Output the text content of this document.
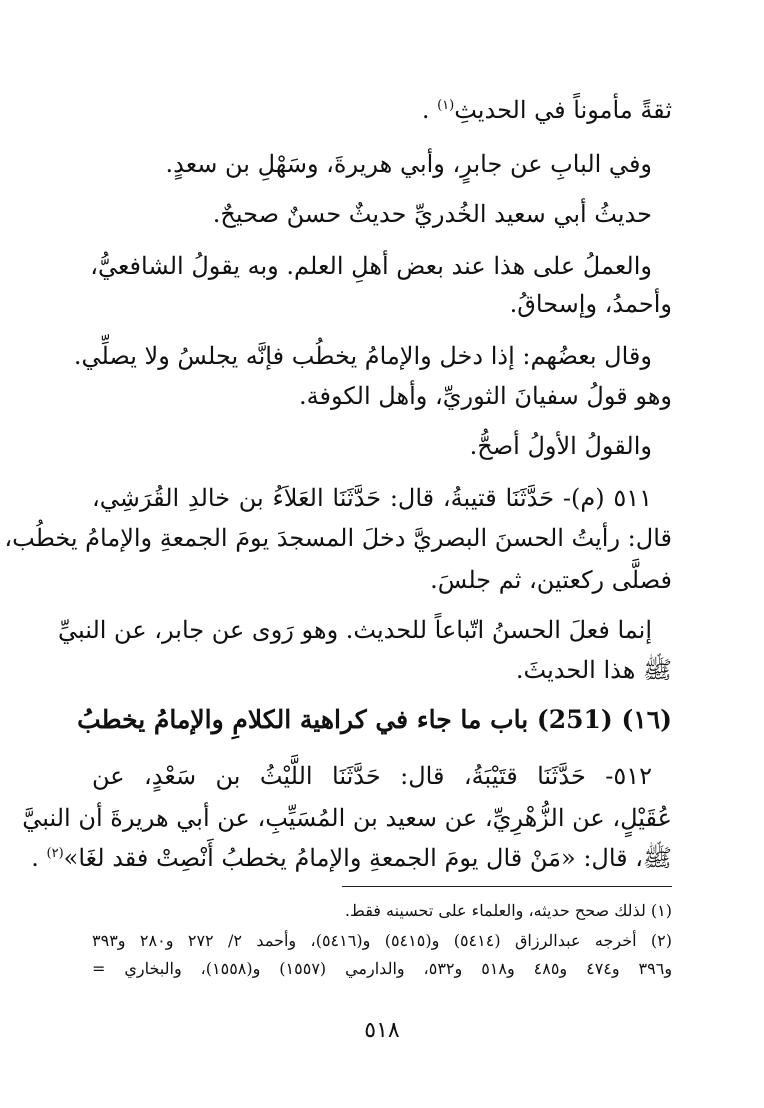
ثقةً مأموناً في الحديثِ$^{(١)}$ .
وفي البابِ عن جابرٍ، وأبي هريرةَ، وسَهْلِ بن سعدٍ.
حديثُ أبي سعيد الخُدريِّ حديثٌ حسنٌ صحيحٌ.
والعملُ على هذا عند بعض أهلِ العلم. وبه يقولُ الشافعيُّ،
وأحمدُ، وإسحاقُ.
وقال بعضُهم: إذا دخل والإمامُ يخطُب فإنَّه يجلسُ ولا يصلِّي.
وهو قولُ سفيانَ الثوريِّ، وأهل الكوفة.
والقولُ الأولُ أصحُّ.
٥١١ (م)- حَدَّثَنَا قتيبةُ، قال: حَدَّثَنَا العَلاَءُ بن خالدِ القُرَشِي،
قال: رأيتُ الحسنَ البصريَّ دخلَ المسجدَ يومَ الجمعةِ والإمامُ يخطُب،
فصلَّى ركعتين، ثم جلسَ.
إنما فعلَ الحسنُ اتّباعاً للحديث. وهو رَوى عن جابر، عن النبيِّ
ﷺ هذا الحديثَ.
(١٦) (251) باب ما جاء في كراهية الكلامِ والإمامُ يخطبُ
٥١٢- حَدَّثَنَا قتَيْبَةُ، قال: حَدَّثَنَا اللَّيْثُ بن سَعْدٍ، عن
عُقَيْلٍ، عن الزُّهْرِيِّ، عن سعيد بن المُسَيِّبِ، عن أبي هريرةَ أن النبيَّ
ﷺ، قال: «مَنْ قال يومَ الجمعةِ والإمامُ يخطبُ أَنْصِتْ فقد لغَا»$^{(٢)}$ .
(١) لذلك صحح حديثه، والعلماء على تحسينه فقط.
(٢) أخرجه عبدالرزاق (٥٤١٤) و(٥٤١٥) و(٥٤١٦)، وأحمد ٢/ ٢٧٢ و٢٨٠ و٣٩٣
و٣٩٦ و٤٧٤ و٤٨٥ و٥١٨ و٥٣٢، والدارمي (١٥٥٧) و(١٥٥٨)، والبخاري =
٥١٨
